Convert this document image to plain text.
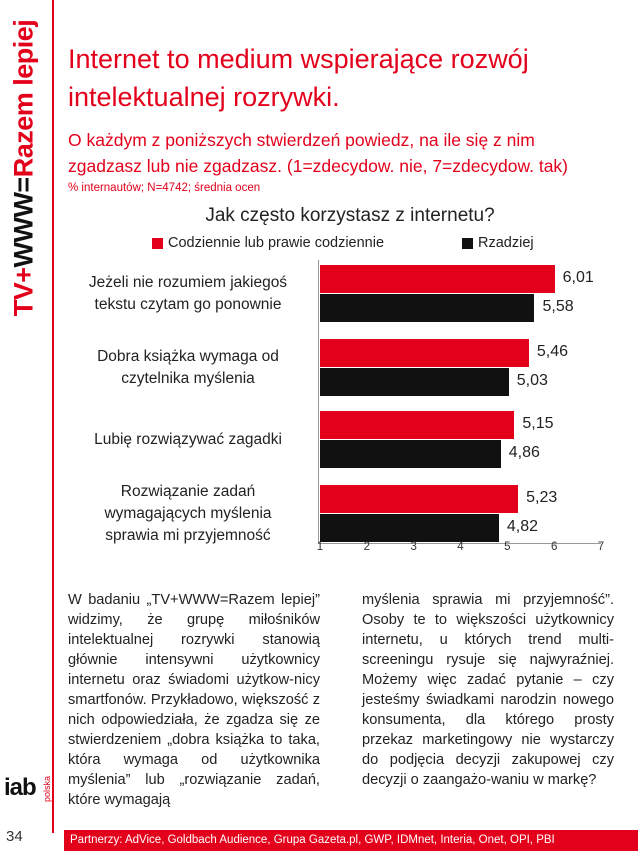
TV+WWW=Razem lepiej
iab polska
34
Internet to medium wspierające rozwój
intelektualnej rozrywki.
O każdym z poniższych stwierdzeń powiedz, na ile się z nim
zgadzasz lub nie zgadzasz. (1=zdecydow. nie, 7=zdecydow. tak)
% internautów; N=4742; średnia ocen
Jak często korzystasz z internetu?
Codziennie lub prawie codziennie	Rzadziej
Jeżeli nie rozumiem jakiegoś
tekstu czytam go ponownie
6,01
5,58
Dobra książka wymaga od
czytelnika myślenia
5,46
5,03
Lubię rozwiązywać zagadki
5,15
4,86
Rozwiązanie zadań
wymagających myślenia
sprawia mi przyjemność
5,23
4,82
1	2	3	4	5	6	7

W badaniu „TV+WWW=Razem lepiej” widzimy, że grupę miłośników intelektualnej rozrywki stanowią głównie intensywni użytkownicy internetu oraz świadomi użytkow-nicy smartfonów. Przykładowo, większość z nich odpowiedziała, że zgadza się ze stwierdzeniem „dobra książka to taka, która wymaga od użytkownika myślenia” lub „rozwiązanie zadań, które wymagają

myślenia sprawia mi przyjemność”. Osoby te to większości użytkownicy internetu, u których trend multi-screeningu rysuje się najwyraźniej. Możemy więc zadać pytanie – czy jesteśmy świadkami narodzin nowego konsumenta, dla którego prosty przekaz marketingowy nie wystarczy do podjęcia decyzji zakupowej czy decyzji o zaangażo-waniu w markę?

Partnerzy: AdVice, Goldbach Audience, Grupa Gazeta.pl, GWP, IDMnet, Interia, Onet, OPI, PBI
